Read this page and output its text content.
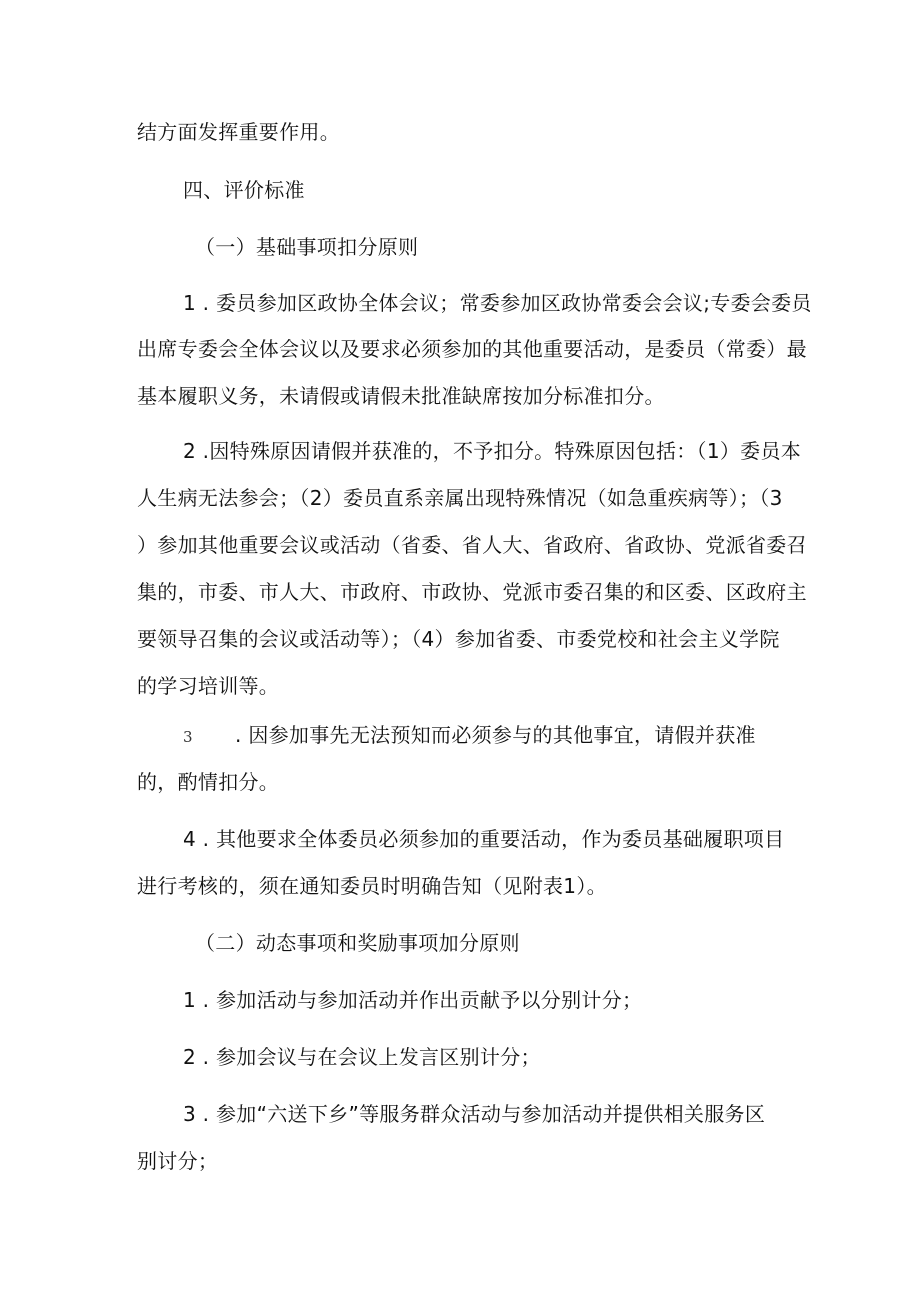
结方面发挥重要作用。
四、评价标准
（一）基础事项扣分原则
1 . 委员参加区政协全体会议；常委参加区政协常委会会议;专委会委员
出席专委会全体会议以及要求必须参加的其他重要活动，是委员（常委）最
基本履职义务，未请假或请假未批准缺席按加分标准扣分。
2 .因特殊原因请假并获准的，不予扣分。特殊原因包括：（1）委员本
人生病无法参会；（2）委员直系亲属出现特殊情况（如急重疾病等）；（3
）参加其他重要会议或活动（省委、省人大、省政府、省政协、党派省委召
集的，市委、市人大、市政府、市政协、党派市委召集的和区委、区政府主
要领导召集的会议或活动等）；（4）参加省委、市委党校和社会主义学院
的学习培训等。
3 . 因参加事先无法预知而必须参与的其他事宜，请假并获准
的，酌情扣分。
4 . 其他要求全体委员必须参加的重要活动，作为委员基础履职项目
进行考核的，须在通知委员时明确告知（见附表1）。
（二）动态事项和奖励事项加分原则
1 . 参加活动与参加活动并作出贡献予以分别计分；
2 . 参加会议与在会议上发言区别计分；
3 . 参加“六送下乡”等服务群众活动与参加活动并提供相关服务区
别讨分；
